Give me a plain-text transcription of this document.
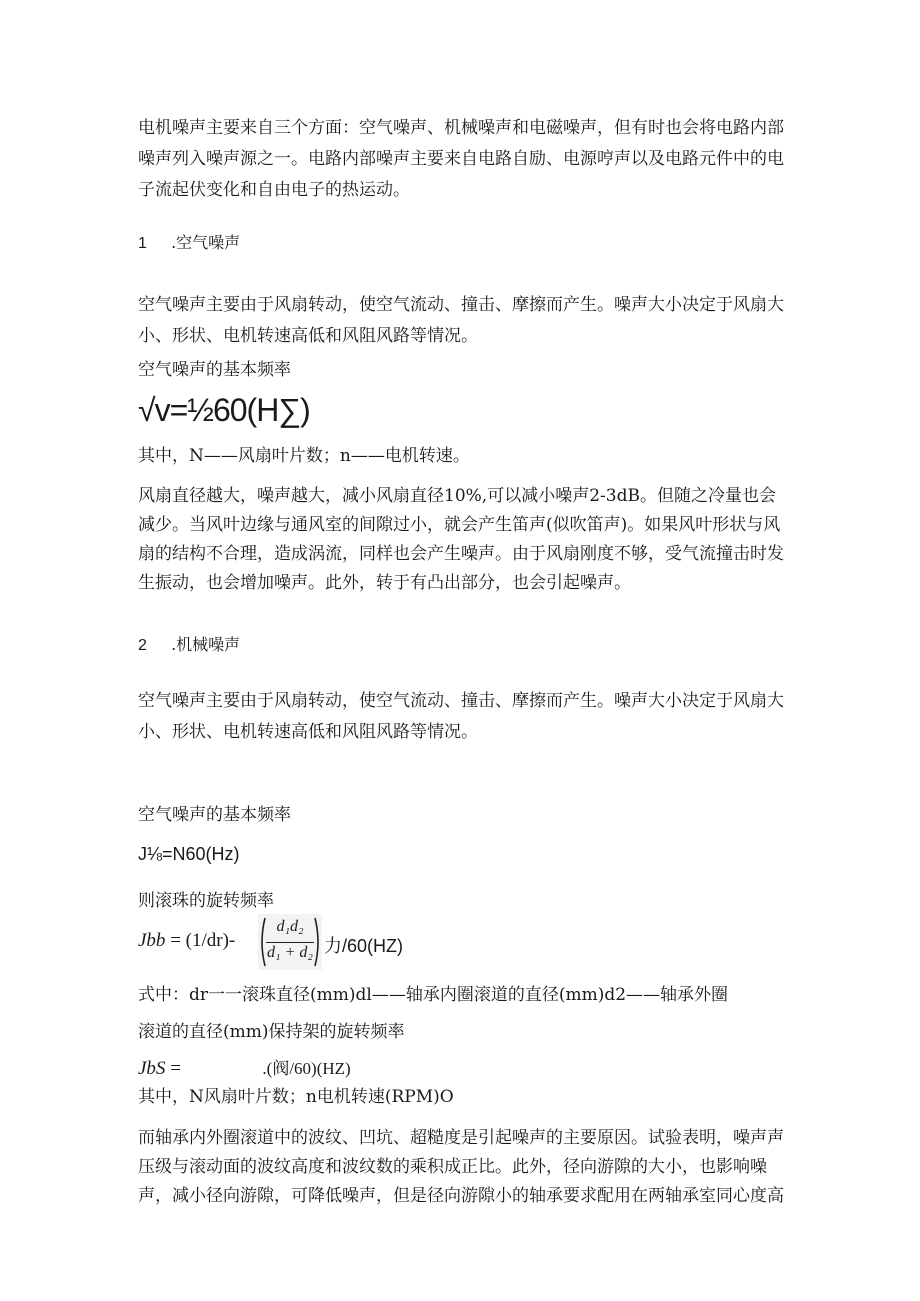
电机噪声主要来自三个方面：空气噪声、机械噪声和电磁噪声，但有时也会将电路内部噪声列入噪声源之一。电路内部噪声主要来自电路自励、电源哼声以及电路元件中的电子流起伏变化和自由电子的热运动。
1 .空气噪声
空气噪声主要由于风扇转动，使空气流动、撞击、摩擦而产生。噪声大小决定于风扇大小、形状、电机转速高低和风阻风路等情况。
空气噪声的基本频率
√v=½60(H∑)
其中，N——风扇叶片数；n——电机转速。
风扇直径越大，噪声越大，减小风扇直径10%,可以减小噪声2-3dB。但随之冷量也会减少。当风叶边缘与通风室的间隙过小，就会产生笛声(似吹笛声)。如果风叶形状与风扇的结构不合理，造成涡流，同样也会产生噪声。由于风扇刚度不够，受气流撞击时发生振动，也会增加噪声。此外，转于有凸出部分，也会引起噪声。
2 .机械噪声
空气噪声主要由于风扇转动，使空气流动、撞击、摩擦而产生。噪声大小决定于风扇大小、形状、电机转速高低和风阻风路等情况。
空气噪声的基本频率
J⅛=N60(Hz)
则滚珠的旋转频率
Jbb = (1/dr)-
d₁d₂
d₁ + d₂ 力/60(HZ)
式中：dr一一滚珠直径(mm)dl——轴承内圈滚道的直径(mm)d2——轴承外圈
滚道的直径(mm)保持架的旋转频率
JbS =	.(阀/60)(HZ)
其中，N风扇叶片数；n电机转速(RPM)O
而轴承内外圈滚道中的波纹、凹坑、超糙度是引起噪声的主要原因。试验表明，噪声声压级与滚动面的波纹高度和波纹数的乘积成正比。此外，径向游隙的大小，也影响噪声，减小径向游隙，可降低噪声，但是径向游隙小的轴承要求配用在两轴承室同心度高
